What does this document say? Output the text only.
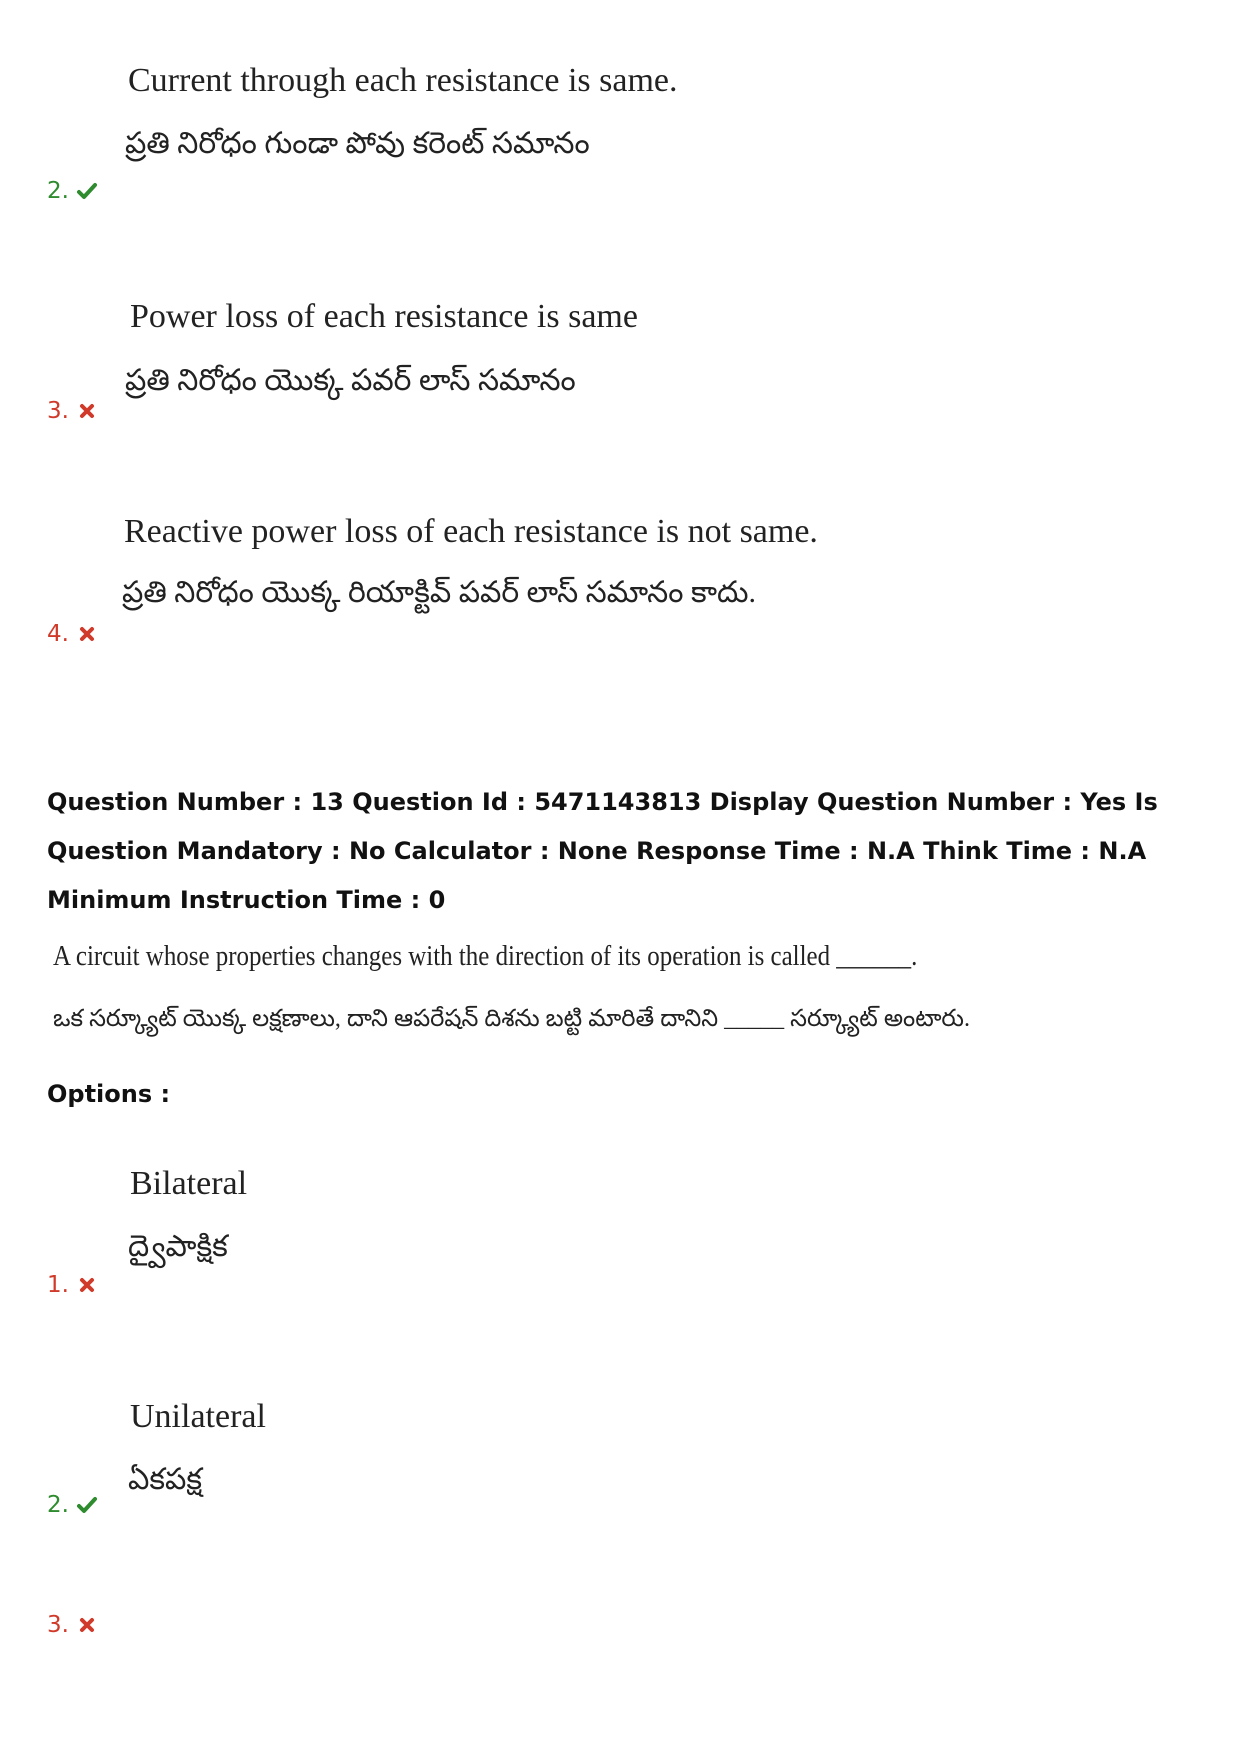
Current through each resistance is same.
ప్రతి నిరోధం గుండా పోవు కరెంట్ సమానం
2.
Power loss of each resistance is same
ప్రతి నిరోధం యొక్క పవర్ లాస్ సమానం
3.
Reactive power loss of each resistance is not same.
ప్రతి నిరోధం యొక్క రియాక్టివ్ పవర్ లాస్ సమానం కాదు.
4.
Question Number : 13 Question Id : 5471143813 Display Question Number : Yes Is Question Mandatory : No Calculator : None Response Time : N.A Think Time : N.A Minimum Instruction Time : 0
A circuit whose properties changes with the direction of its operation is called ______.
ఒక సర్క్యూట్ యొక్క లక్షణాలు, దాని ఆపరేషన్ దిశను బట్టి మారితే దానిని _____ సర్క్యూట్ అంటారు.
Options :
Bilateral
ద్వైపాక్షిక
1.
Unilateral
ఏకపక్ష
2.
3.
